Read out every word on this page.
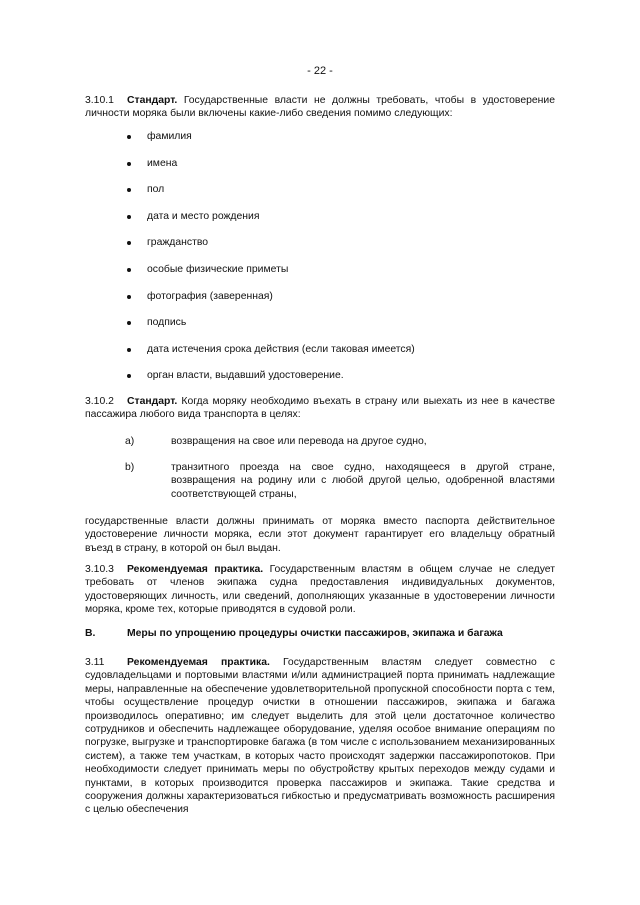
- 22 -
3.10.1 Стандарт. Государственные власти не должны требовать, чтобы в удостоверение личности моряка были включены какие-либо сведения помимо следующих:
фамилия
имена
пол
дата и место рождения
гражданство
особые физические приметы
фотография (заверенная)
подпись
дата истечения срока действия (если таковая имеется)
орган власти, выдавший удостоверение.
3.10.2 Стандарт. Когда моряку необходимо въехать в страну или выехать из нее в качестве пассажира любого вида транспорта в целях:
a)	возвращения на свое или перевода на другое судно,
b)	транзитного проезда на свое судно, находящееся в другой стране, возвращения на родину или с любой другой целью, одобренной властями соответствующей страны,
государственные власти должны принимать от моряка вместо паспорта действительное удостоверение личности моряка, если этот документ гарантирует его владельцу обратный въезд в страну, в которой он был выдан.
3.10.3 Рекомендуемая практика. Государственным властям в общем случае не следует требовать от членов экипажа судна предоставления индивидуальных документов, удостоверяющих личность, или сведений, дополняющих указанные в удостоверении личности моряка, кроме тех, которые приводятся в судовой роли.
B.	Меры по упрощению процедуры очистки пассажиров, экипажа и багажа
3.11 Рекомендуемая практика. Государственным властям следует совместно с судовладельцами и портовыми властями и/или администрацией порта принимать надлежащие меры, направленные на обеспечение удовлетворительной пропускной способности порта с тем, чтобы осуществление процедур очистки в отношении пассажиров, экипажа и багажа производилось оперативно; им следует выделить для этой цели достаточное количество сотрудников и обеспечить надлежащее оборудование, уделяя особое внимание операциям по погрузке, выгрузке и транспортировке багажа (в том числе с использованием механизированных систем), а также тем участкам, в которых часто происходят задержки пассажиропотоков. При необходимости следует принимать меры по обустройству крытых переходов между судами и пунктами, в которых производится проверка пассажиров и экипажа. Такие средства и сооружения должны характеризоваться гибкостью и предусматривать возможность расширения с целью обеспечения
